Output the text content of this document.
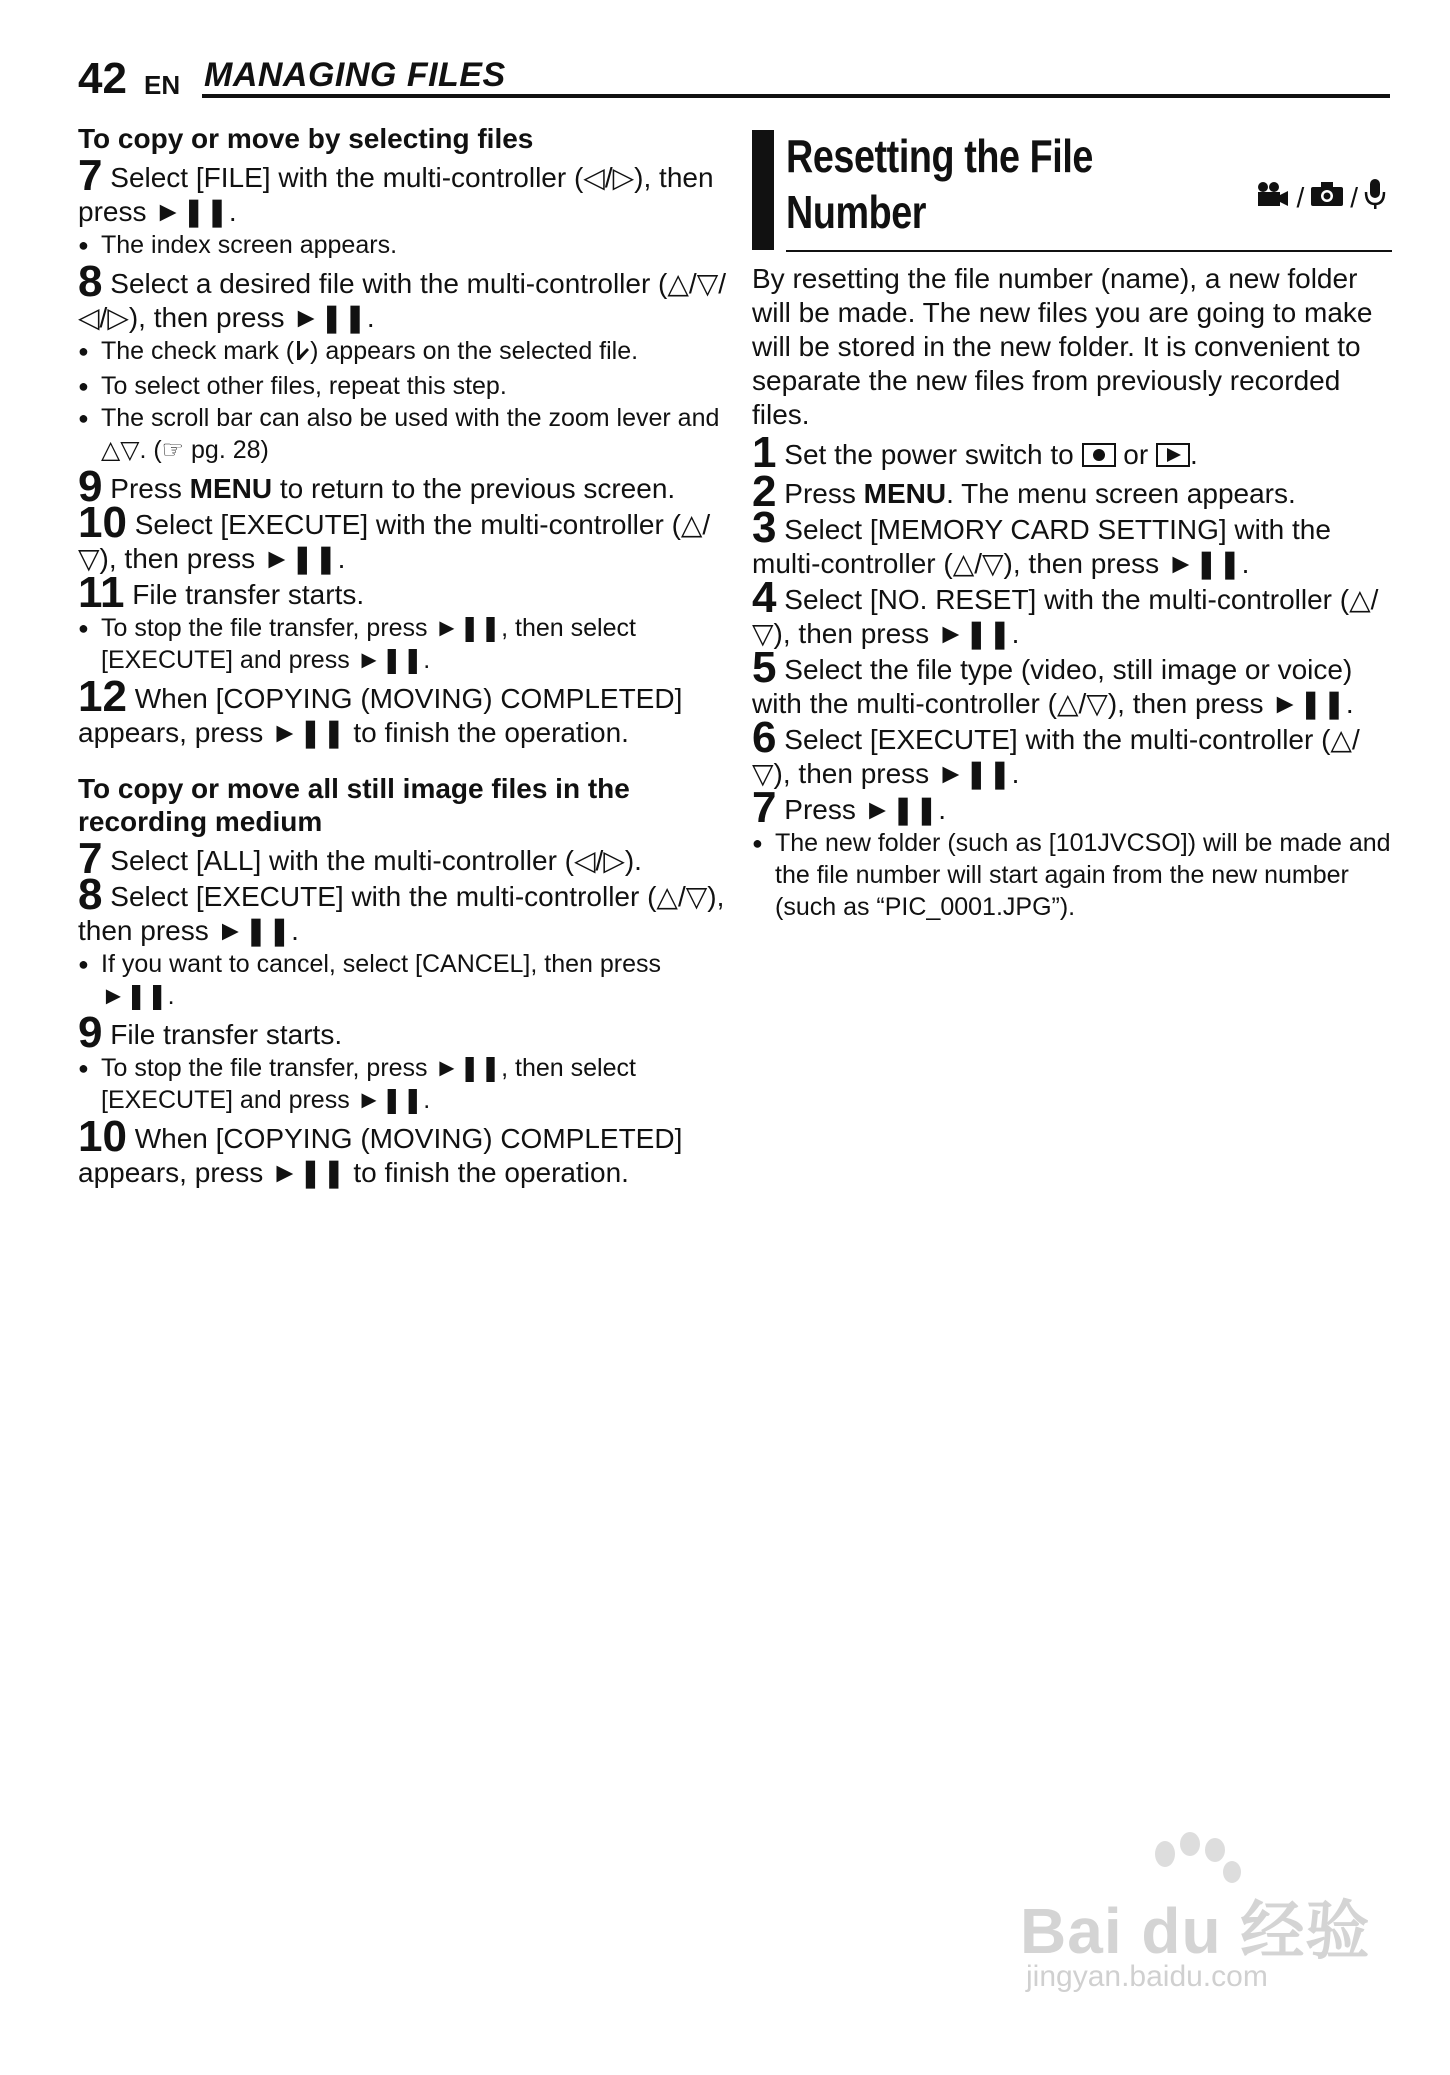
42 EN MANAGING FILES

To copy or move by selecting files

7 Select [FILE] with the multi-controller (◁/▷), then press ►❚❚.

● The index screen appears.

8 Select a desired file with the multi-controller (△/▽/◁/▷), then press ►❚❚.

● The check mark ( ) appears on the selected file.
● To select other files, repeat this step.
● The scroll bar can also be used with the zoom lever and △▽. (☞ pg. 28)

9 Press MENU to return to the previous screen.

10 Select [EXECUTE] with the multi-controller (△/▽), then press ►❚❚.

11 File transfer starts.

● To stop the file transfer, press ►❚❚, then select [EXECUTE] and press ►❚❚.

12 When [COPYING (MOVING) COMPLETED] appears, press ►❚❚ to finish the operation.

To copy or move all still image files in the recording medium

7 Select [ALL] with the multi-controller (◁/▷).

8 Select [EXECUTE] with the multi-controller (△/▽), then press ►❚❚.

● If you want to cancel, select [CANCEL], then press ►❚❚.

9 File transfer starts.

● To stop the file transfer, press ►❚❚, then select [EXECUTE] and press ►❚❚.

10 When [COPYING (MOVING) COMPLETED] appears, press ►❚❚ to finish the operation.

Resetting the File
Number	/ /

By resetting the file number (name), a new folder will be made. The new files you are going to make will be stored in the new folder. It is convenient to separate the new files from previously recorded files.

1 Set the power switch to  or .

2 Press MENU. The menu screen appears.

3 Select [MEMORY CARD SETTING] with the multi-controller (△/▽), then press ►❚❚.

4 Select [NO. RESET] with the multi-controller (△/▽), then press ►❚❚.

5 Select the file type (video, still image or voice) with the multi-controller (△/▽), then press ►❚❚.

6 Select [EXECUTE] with the multi-controller (△/▽), then press ►❚❚.

7 Press ►❚❚.

● The new folder (such as [101JVCSO]) will be made and the file number will start again from the new number (such as “PIC_0001.JPG”).
Bai du 经验
jingyan.baidu.com
